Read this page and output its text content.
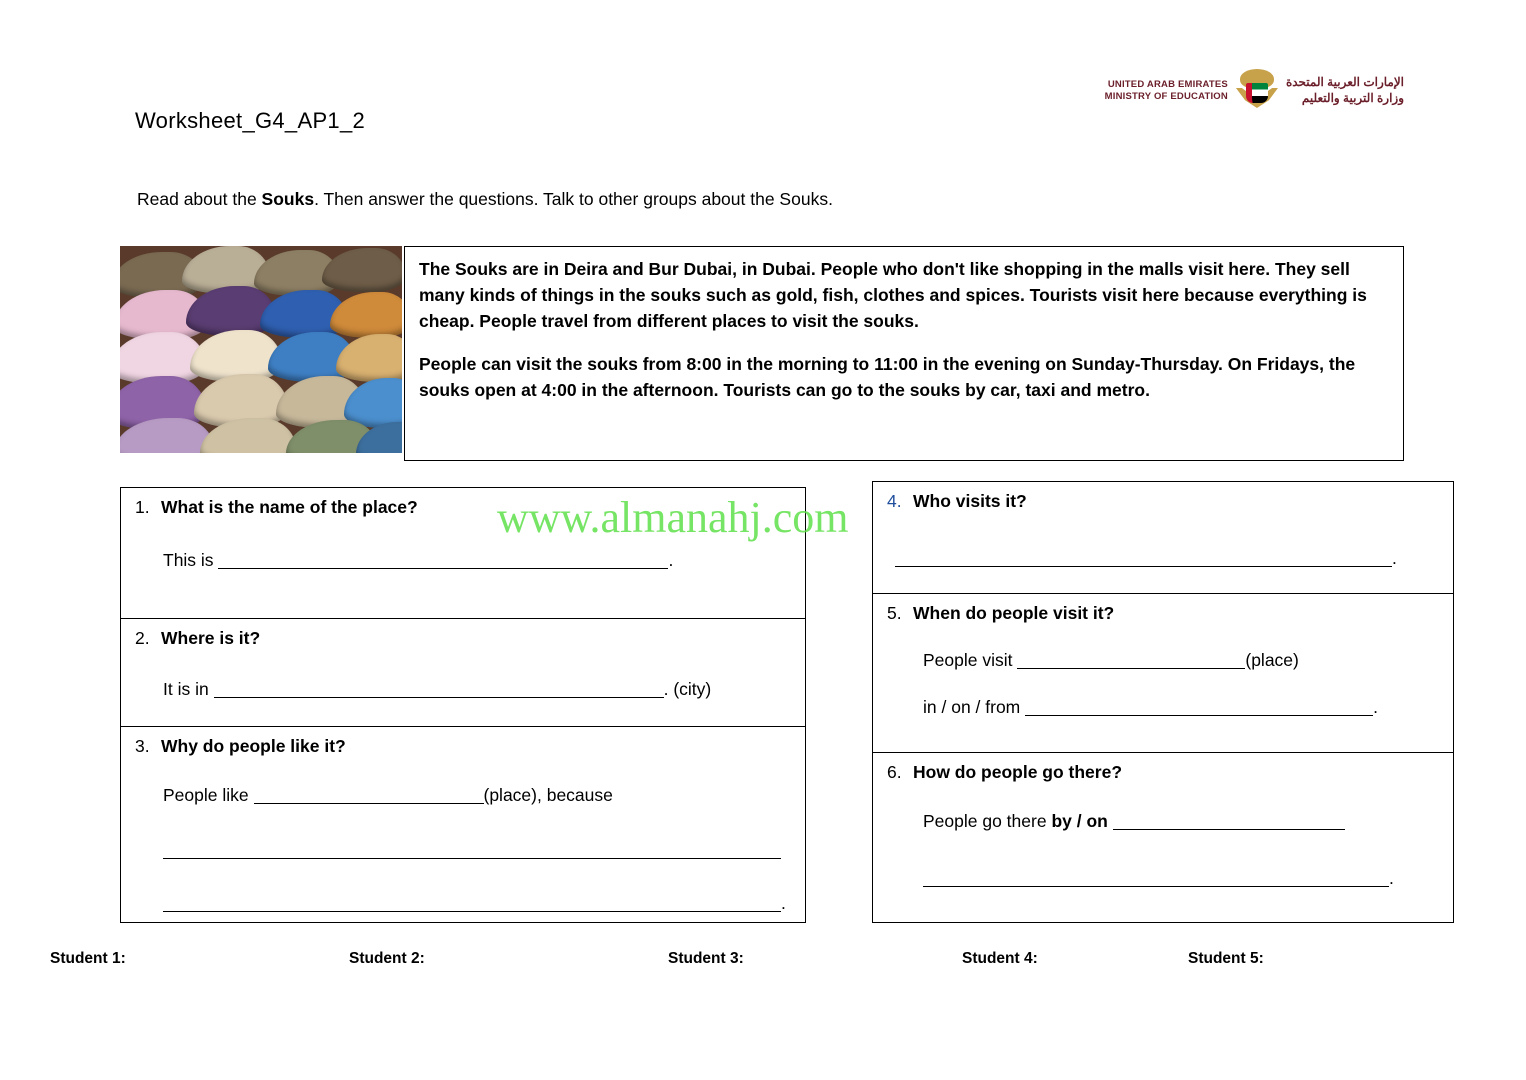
UNITED ARAB EMIRATES
MINISTRY OF EDUCATION
الإمارات العربية المتحدة
وزارة التربية والتعليم
Worksheet_G4_AP1_2
Read about the Souks. Then answer the questions. Talk to other groups about the Souks.

The Souks are in Deira and Bur Dubai, in Dubai. People who don't like shopping in the malls visit here. They sell many kinds of things in the souks such as gold, fish, clothes and spices. Tourists visit here because everything is cheap. People travel from different places to visit the souks.

People can visit the souks from 8:00 in the morning to 11:00 in the evening on Sunday-Thursday. On Fridays, the souks open at 4:00 in the afternoon. Tourists can go to the souks by car, taxi and metro.

1. What is the name of the place?
This is	.
2. Where is it?
It is in	. (city)
3. Why do people like it?
People like	(place), because
.
4. Who visits it?
.
5. When do people visit it?
People visit	(place)
in / on / from	.
6. How do people go there?
People go there by / on
.
www.almanahj.com
Student 1:	Student 2:	Student 3:	Student 4:	Student 5:
